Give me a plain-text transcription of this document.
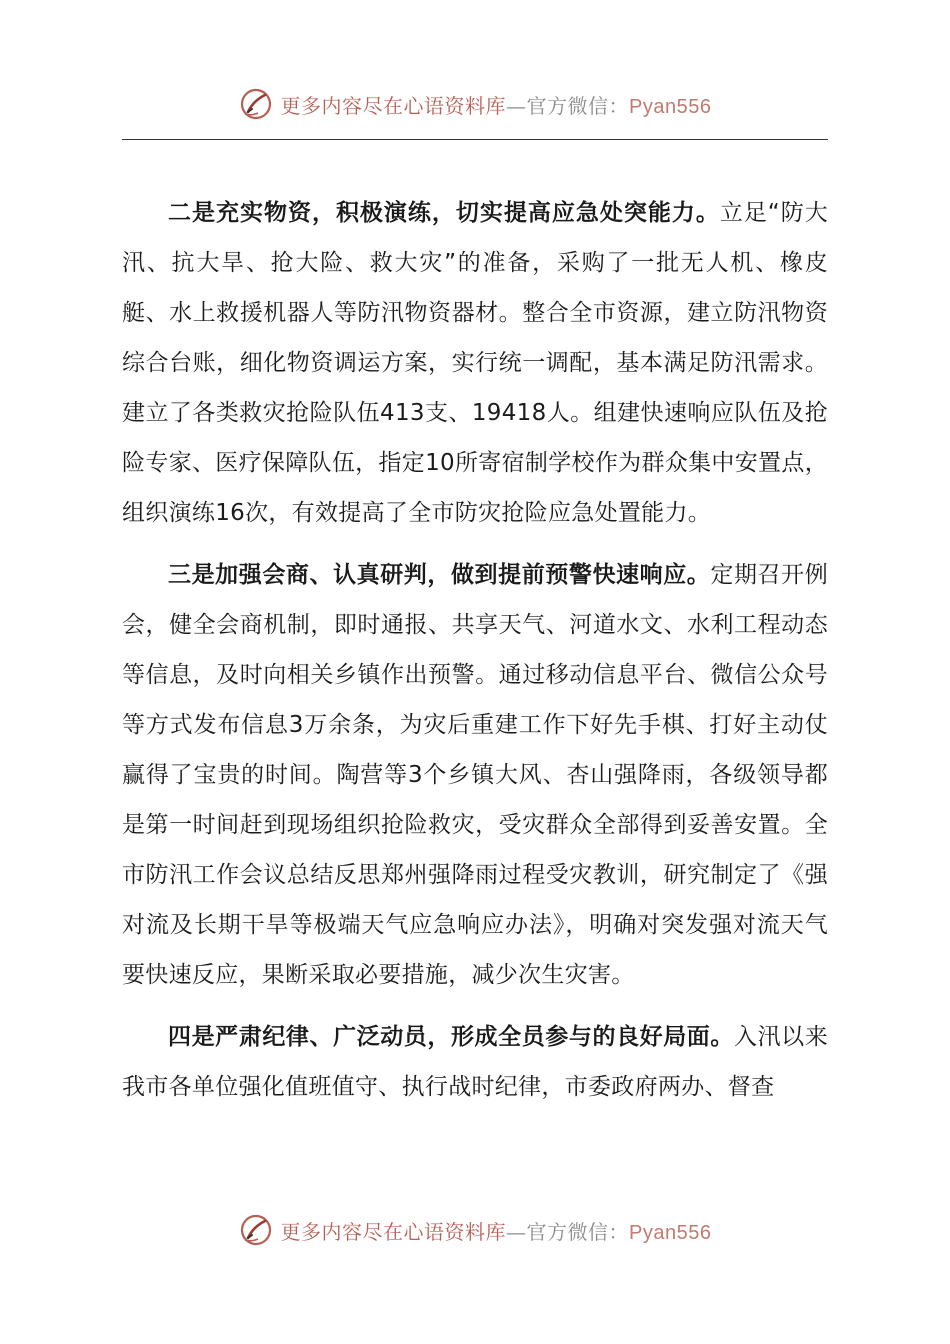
更多内容尽在心语资料库—官方微信：Pyan556

二是充实物资，积极演练，切实提高应急处突能力。立足“防大汛、抗大旱、抢大险、救大灾”的准备，采购了一批无人机、橡皮艇、水上救援机器人等防汛物资器材。整合全市资源，建立防汛物资综合台账，细化物资调运方案，实行统一调配，基本满足防汛需求。建立了各类救灾抢险队伍413支、19418人。组建快速响应队伍及抢险专家、医疗保障队伍，指定10所寄宿制学校作为群众集中安置点，组织演练16次，有效提高了全市防灾抢险应急处置能力。

三是加强会商、认真研判，做到提前预警快速响应。定期召开例会，健全会商机制，即时通报、共享天气、河道水文、水利工程动态等信息，及时向相关乡镇作出预警。通过移动信息平台、微信公众号等方式发布信息3万余条，为灾后重建工作下好先手棋、打好主动仗赢得了宝贵的时间。陶营等3个乡镇大风、杏山强降雨，各级领导都是第一时间赶到现场组织抢险救灾，受灾群众全部得到妥善安置。全市防汛工作会议总结反思郑州强降雨过程受灾教训，研究制定了《强对流及长期干旱等极端天气应急响应办法》，明确对突发强对流天气要快速反应，果断采取必要措施，减少次生灾害。

四是严肃纪律、广泛动员，形成全员参与的良好局面。入汛以来我市各单位强化值班值守、执行战时纪律，市委政府两办、督查

更多内容尽在心语资料库—官方微信：Pyan556
